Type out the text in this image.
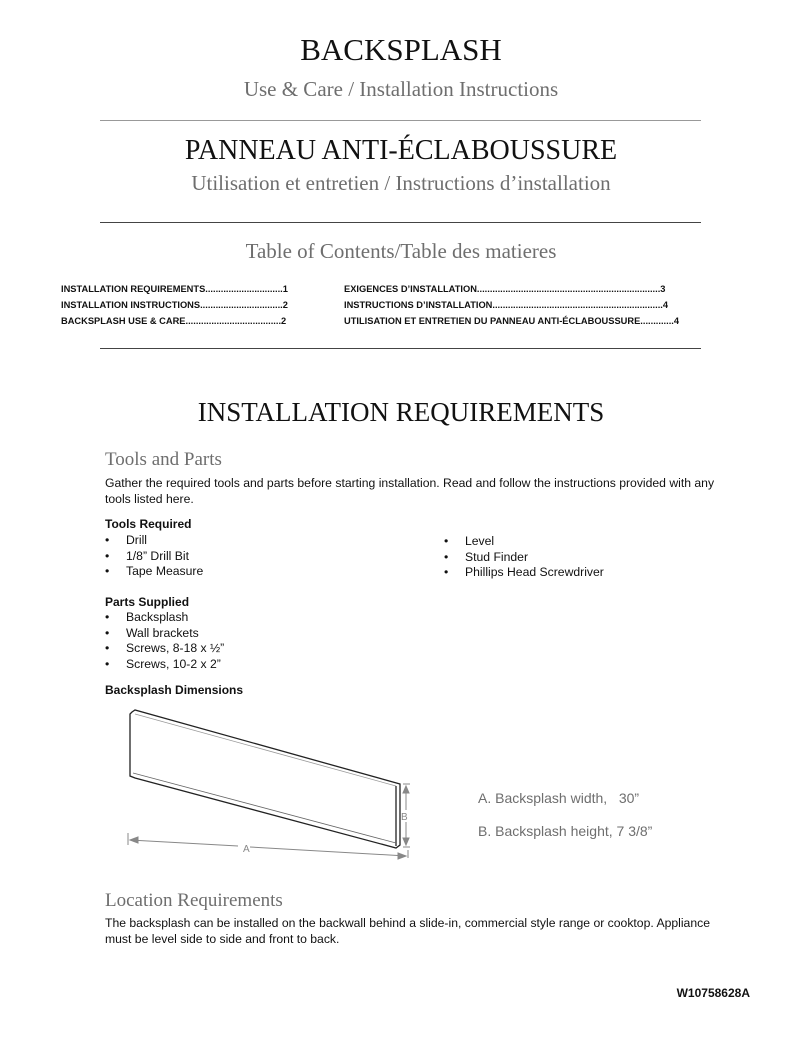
BACKSPLASH
Use & Care / Installation Instructions
PANNEAU ANTI-ÉCLABOUSSURE
Utilisation et entretien / Instructions d’installation
Table of Contents/Table des matieres
INSTALLATION REQUIREMENTS..............................1
INSTALLATION INSTRUCTIONS................................2
BACKSPLASH USE & CARE.....................................2
EXIGENCES D’INSTALLATION.......................................................................3
INSTRUCTIONS D’INSTALLATION..................................................................4
UTILISATION ET ENTRETIEN DU PANNEAU ANTI-ÉCLABOUSSURE.............4
INSTALLATION REQUIREMENTS
Tools and Parts
Gather the required tools and parts before starting installation. Read and follow the instructions provided with any tools listed here.
Tools Required
• Drill
• 1/8” Drill Bit
• Tape Measure
• Level
• Stud Finder
• Phillips Head Screwdriver
Parts Supplied
• Backsplash
• Wall brackets
• Screws, 8-18 x ½”
• Screws, 10-2 x 2”
Backsplash Dimensions
A
B
A. Backsplash width,   30”
B. Backsplash height, 7 3/8”
Location Requirements
The backsplash can be installed on the backwall behind a slide-in, commercial style range or cooktop. Appliance must be level side to side and front to back.
W10758628A
